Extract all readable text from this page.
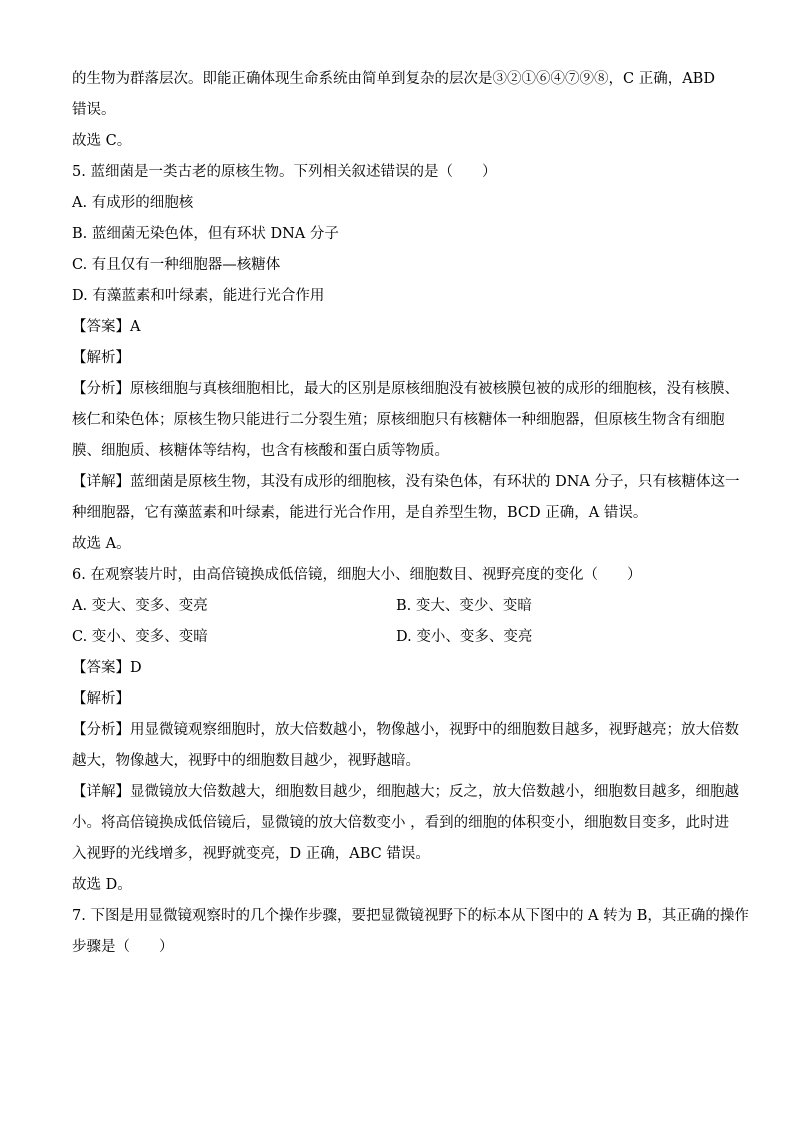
的生物为群落层次。即能正确体现生命系统由简单到复杂的层次是③②①⑥④⑦⑨⑧，C 正确，ABD
错误。
故选 C。
5. 蓝细菌是一类古老的原核生物。下列相关叙述错误的是（　　）
A. 有成形的细胞核
B. 蓝细菌无染色体，但有环状 DNA 分子
C. 有且仅有一种细胞器—核糖体
D. 有藻蓝素和叶绿素，能进行光合作用
【答案】A
【解析】
【分析】原核细胞与真核细胞相比，最大的区别是原核细胞没有被核膜包被的成形的细胞核，没有核膜、
核仁和染色体；原核生物只能进行二分裂生殖；原核细胞只有核糖体一种细胞器，但原核生物含有细胞
膜、细胞质、核糖体等结构，也含有核酸和蛋白质等物质。
【详解】蓝细菌是原核生物，其没有成形的细胞核，没有染色体，有环状的 DNA 分子，只有核糖体这一
种细胞器，它有藻蓝素和叶绿素，能进行光合作用，是自养型生物，BCD 正确，A 错误。
故选 A。
6. 在观察装片时，由高倍镜换成低倍镜，细胞大小、细胞数目、视野亮度的变化（　　）
A. 变大、变多、变亮	B. 变大、变少、变暗
C. 变小、变多、变暗	D. 变小、变多、变亮
【答案】D
【解析】
【分析】用显微镜观察细胞时，放大倍数越小，物像越小，视野中的细胞数目越多，视野越亮；放大倍数
越大，物像越大，视野中的细胞数目越少，视野越暗。
【详解】显微镜放大倍数越大，细胞数目越少，细胞越大；反之，放大倍数越小，细胞数目越多，细胞越
小。将高倍镜换成低倍镜后，显微镜的放大倍数变小 ，看到的细胞的体积变小，细胞数目变多，此时进
入视野的光线增多，视野就变亮，D 正确，ABC 错误。
故选 D。
7. 下图是用显微镜观察时的几个操作步骤，要把显微镜视野下的标本从下图中的 A 转为 B，其正确的操作
步骤是（　　）
